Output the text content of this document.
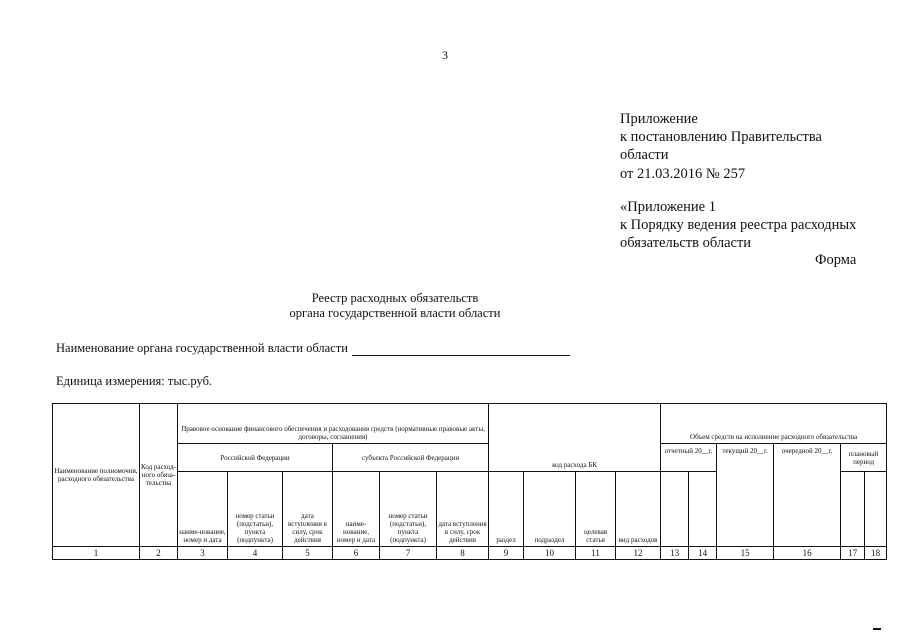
3
Приложение
к постановлению Правительства
области
от 21.03.2016 № 257
«Приложение 1
к Порядку ведения реестра расходных
обязательств области
Форма
Реестр расходных обязательств
органа государственной власти области
Наименование органа государственной власти области
Единица измерения: тыс.руб.
Наименование полномочия, расходного обязательства	Код расход-ного обяза-тельства	Правовое основание финансового обеспечения и расходования средств (нормативные правовые акты, договоры, соглашения)						код расхода БК				Объем средств на исполнение расходного обязательства					
		Российской Федерации			субъекта Российской Федерации							отчетный 20__г.		текущий 20__г.	очередной 20__г.	плановый период	
		наиме-нование, номер и дата	номер статьи (подстатьи), пункта (подпункта)	дата вступления в силу, срок действия	наиме-нование, номер и дата	номер статьи (подстатьи), пункта (подпункта)	дата вступления в силу, срок действия	раздел	подраздел	целевая статья	вид расходов						

1	2	3	4	5	6	7	8	9	10	11	12	13	14	15	16	17	18
